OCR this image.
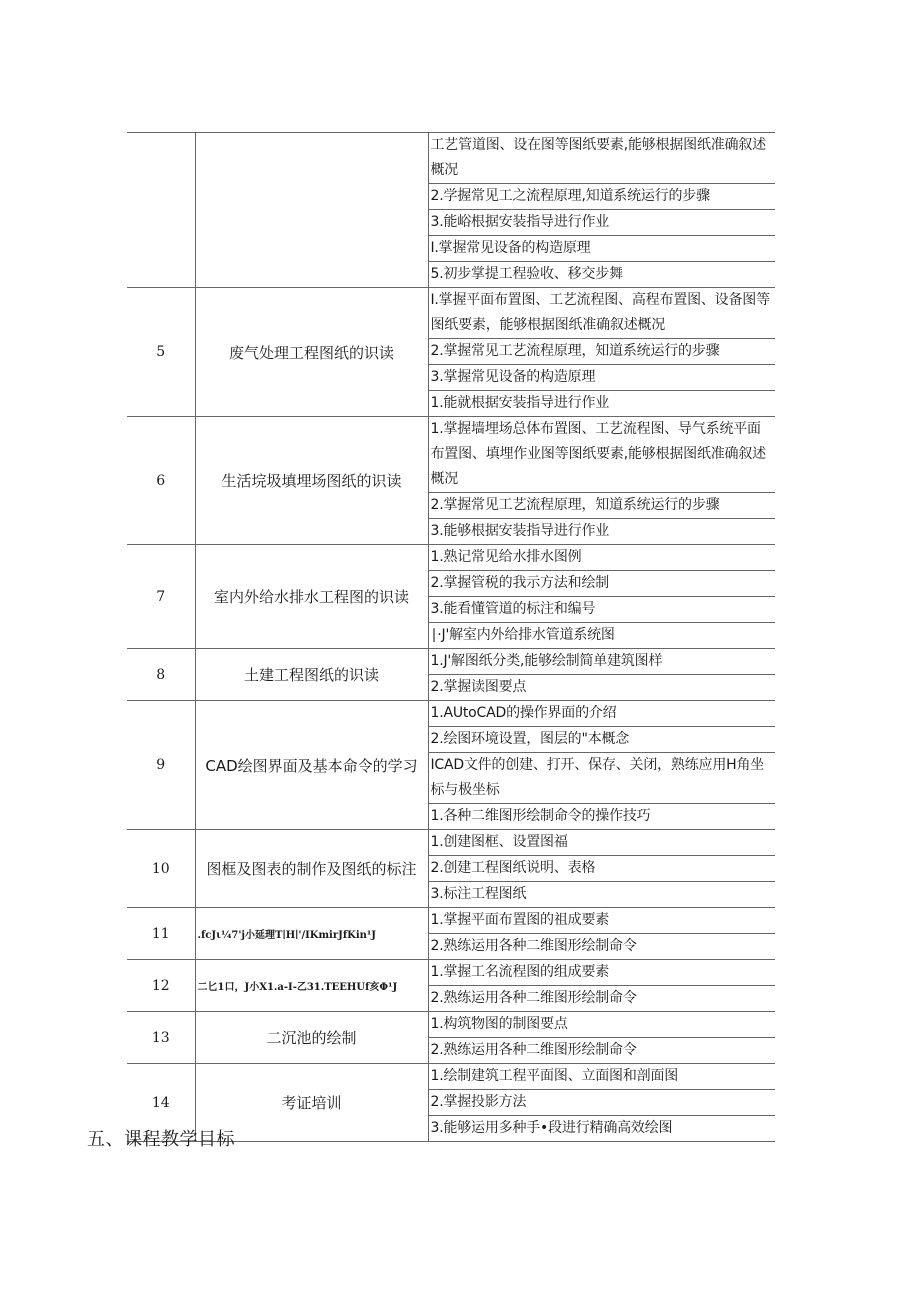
		工艺管道图、设在图等图纸要素,能够根据图纸准确叙述概况
		2.学握常见工之流程原理,知道系统运行的步骤
		3.能峪根据安装指导进行作业
		I.掌握常见设备的构造原理
		5.初步掌提工程验收、移交步舞
5	废气处理工程图纸的识读	I.掌握平面布置图、工艺流程图、高程布置图、设备图等图纸要素，能够根据图纸准确叙述概况
		2.掌握常见工艺流程原理，知道系统运行的步骤
		3.掌握常见设备的构造原理
		1.能就根据安装指导进行作业
6	生活垸圾填埋场图纸的识读	1.掌握墙埋场总体布置图、工艺流程图、导气系统平面布置图、填埋作业图等图纸要素,能够根据图纸准确叙述概况
		2.掌握常见工艺流程原理，知道系统运行的步骤
		3.能够根据安装指导进行作业
7	室内外给水排水工程图的识读	1.熟记常见给水排水图例
		2.掌握管税的我示方法和绘制
		3.能看懂管道的标注和编号
		∣·J'解室内外给排水管道系统图
8	土建工程图纸的识读	1.J'解图纸分类,能够绘制简单建筑图样
		2.掌握读图要点
9	CAD绘图界面及基本命令的学习	1.AUtoCAD的操作界面的介绍
		2.绘图环境设置，图层的"本概念
		ICAD文件的创建、打开、保存、关闭，熟练应用H角坐标与极坐标
		1.各种二维图形绘制命令的操作技巧
10	图框及图表的制作及图纸的标注	1.创建图框、设置图福
		2.创建工程图纸说明、表格
		3.标注工程图纸
11	.fcJι¼7'j小延理T∣H∣'/IKmirJfKin¹J	1.掌握平面布置图的祖成要素
		2.熟练运用各种二维图形绘制命令
12	二匕1口，J小X1.a-I-乙31.TEEHUf亥Φ¹J	1.掌握工名流程图的组成要素
		2.熟练运用各种二维图形绘制命令
13	二沉池的绘制	1.构筑物图的制图要点
		2.熟练运用各种二维图形绘制命令
14	考证培训	1.绘制建筑工程平面图、立面图和剖面图
		2.掌握投影方法
		3.能够运用多种手•段进行精确高效绘图
五、课程教学目标
